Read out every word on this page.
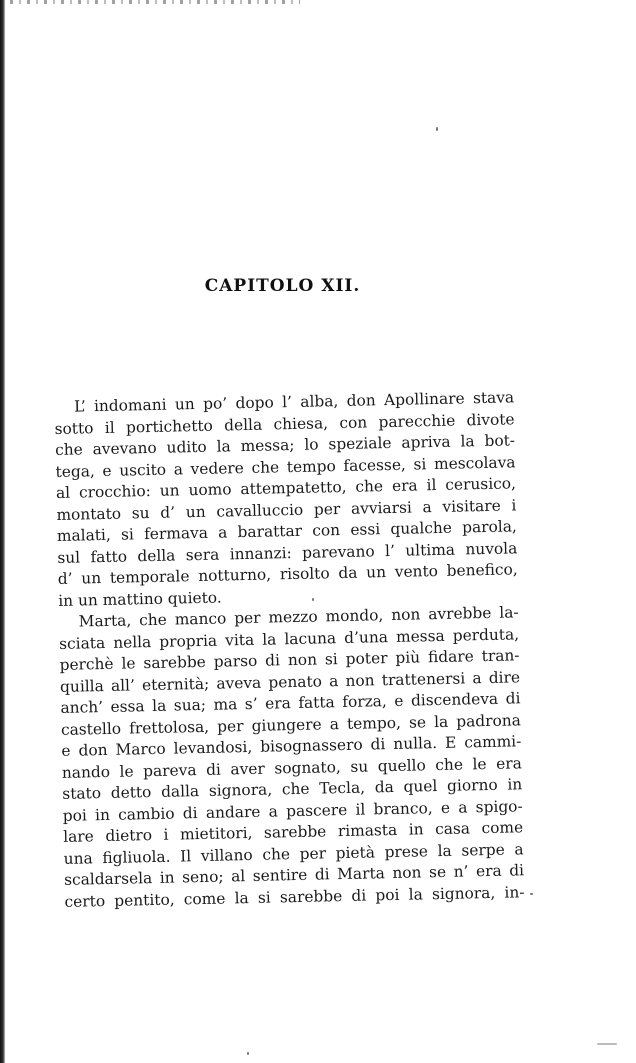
CAPITOLO XII.
L’ indomani un po’ dopo l’ alba, don Apollinare stava
sotto il portichetto della chiesa, con parecchie divote
che avevano udito la messa; lo speziale apriva la bot-
tega, e uscito a vedere che tempo facesse, si mescolava
al crocchio: un uomo attempatetto, che era il cerusico,
montato su d’ un cavalluccio per avviarsi a visitare i
malati, si fermava a barattar con essi qualche parola,
sul fatto della sera innanzi: parevano l’ ultima nuvola
d’ un temporale notturno, risolto da un vento benefico,
in un mattino quieto.
Marta, che manco per mezzo mondo, non avrebbe la-
sciata nella propria vita la lacuna d’una messa perduta,
perchè le sarebbe parso di non si poter più fidare tran-
quilla all’ eternità; aveva penato a non trattenersi a dire
anch’ essa la sua; ma s’ era fatta forza, e discendeva di
castello frettolosa, per giungere a tempo, se la padrona
e don Marco levandosi, bisognassero di nulla. E cammi-
nando le pareva di aver sognato, su quello che le era
stato detto dalla signora, che Tecla, da quel giorno in
poi in cambio di andare a pascere il branco, e a spigo-
lare dietro i mietitori, sarebbe rimasta in casa come
una figliuola. Il villano che per pietà prese la serpe a
scaldarsela in seno; al sentire di Marta non se n’ era di
certo pentito, come la si sarebbe di poi la signora, in-
